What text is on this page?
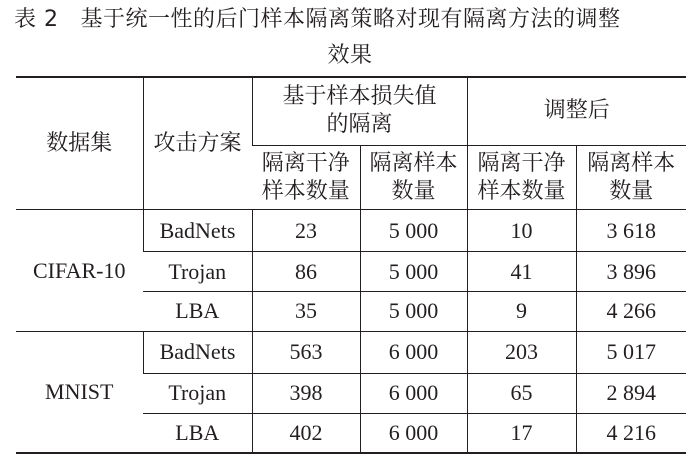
表 2 基于统一性的后门样本隔离策略对现有隔离方法的调整
效果
数据集	攻击方案	基于样本损失值的隔离		调整后	
		隔离干净样本数量	隔离样本数量	隔离干净样本数量	隔离样本数量
CIFAR-10	BadNets	23	5 000	10	3 618
	Trojan	86	5 000	41	3 896
	LBA	35	5 000	9	4 266
MNIST	BadNets	563	6 000	203	5 017
	Trojan	398	6 000	65	2 894
	LBA	402	6 000	17	4 216
